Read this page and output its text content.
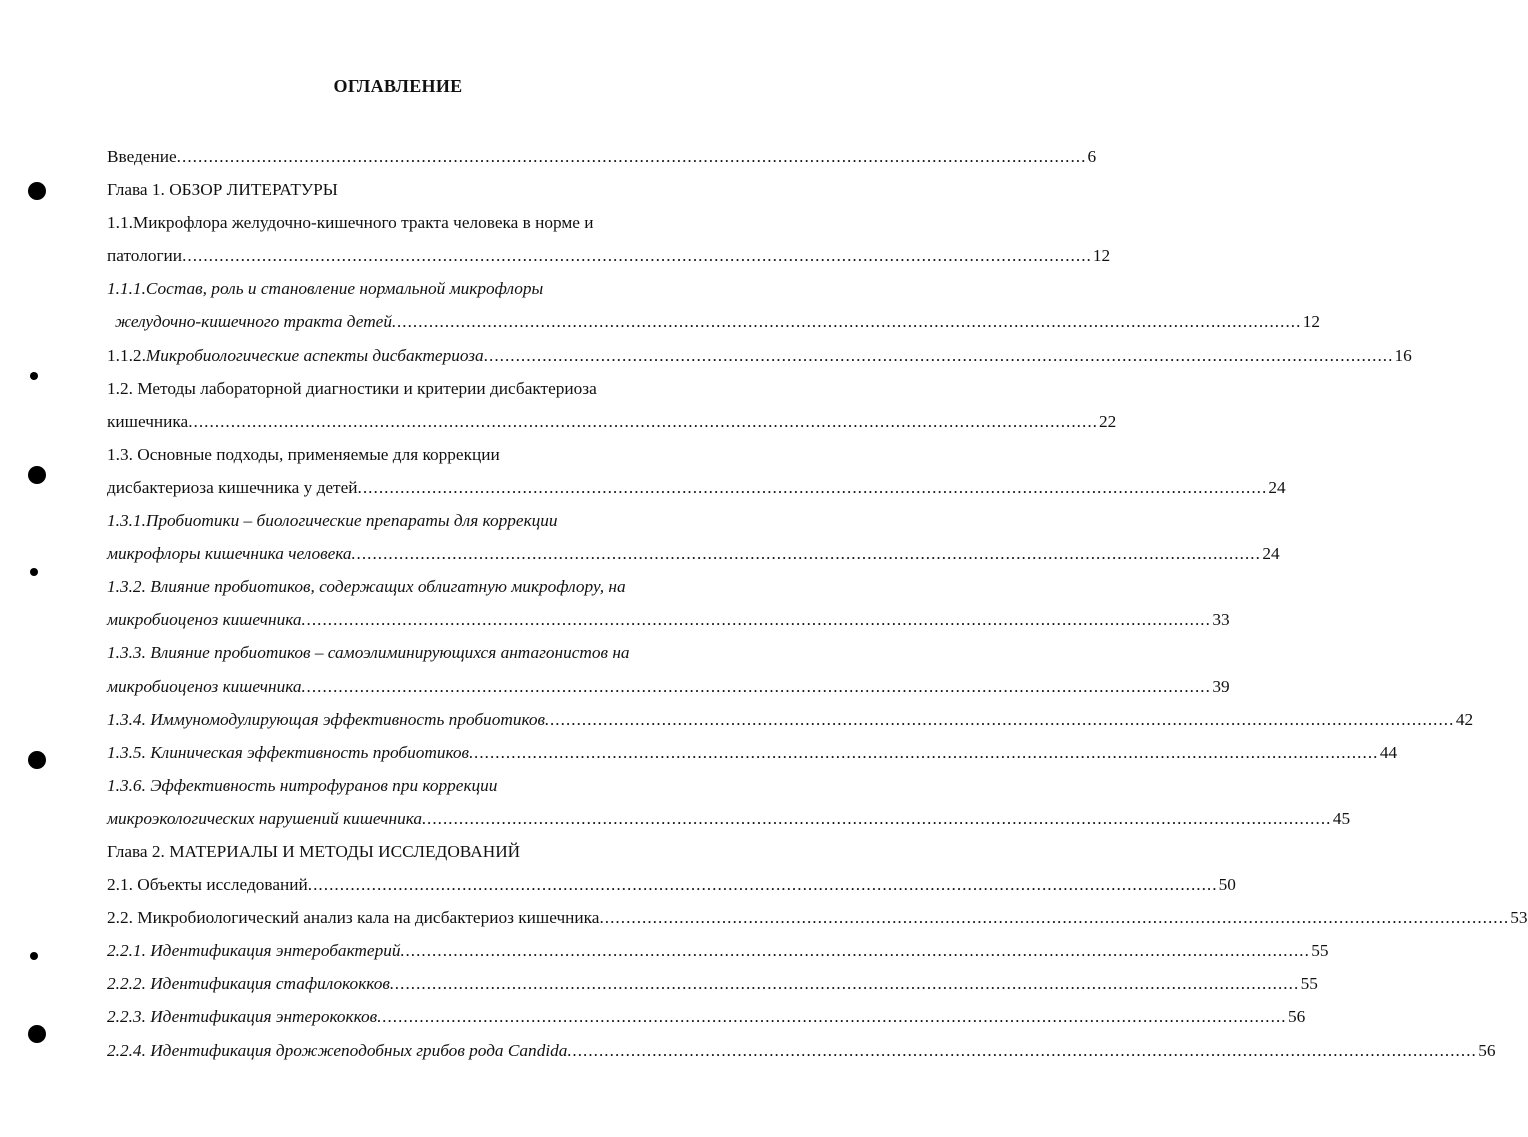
ОГЛАВЛЕНИЕ
Введение .....	6
Глава 1. ОБЗОР ЛИТЕРАТУРЫ
1.1.Микрофлора желудочно-кишечного тракта человека в норме и
патологии .....	12
1.1.1.Состав, роль и становление нормальной микрофлоры
желудочно-кишечного тракта детей .....	12
1.1.2.Микробиологические аспекты дисбактериоза .....	16
1.2. Методы лабораторной диагностики и критерии дисбактериоза
кишечника .....	22
1.3. Основные подходы, применяемые для коррекции
дисбактериоза кишечника у детей .....	24
1.3.1.Пробиотики – биологические препараты для коррекции
микрофлоры кишечника человека .....	24
1.3.2. Влияние пробиотиков, содержащих облигатную микрофлору, на
микробиоценоз кишечника .....	33
1.3.3. Влияние пробиотиков – самоэлиминирующихся антагонистов на
микробиоценоз кишечника .....	39
1.3.4. Иммуномодулирующая эффективность пробиотиков .....	42
1.3.5. Клиническая эффективность пробиотиков .....	44
1.3.6. Эффективность нитрофуранов при коррекции
микроэкологических нарушений кишечника .....	45
Глава 2. МАТЕРИАЛЫ И МЕТОДЫ ИССЛЕДОВАНИЙ
2.1. Объекты исследований .....	50
2.2. Микробиологический анализ кала на дисбактериоз кишечника .....	53
2.2.1. Идентификация энтеробактерий .....	55
2.2.2. Идентификация стафилококков .....	55
2.2.3. Идентификация энтерококков .....	56
2.2.4. Идентификация дрожжеподобных грибов рода Candida .....	56
